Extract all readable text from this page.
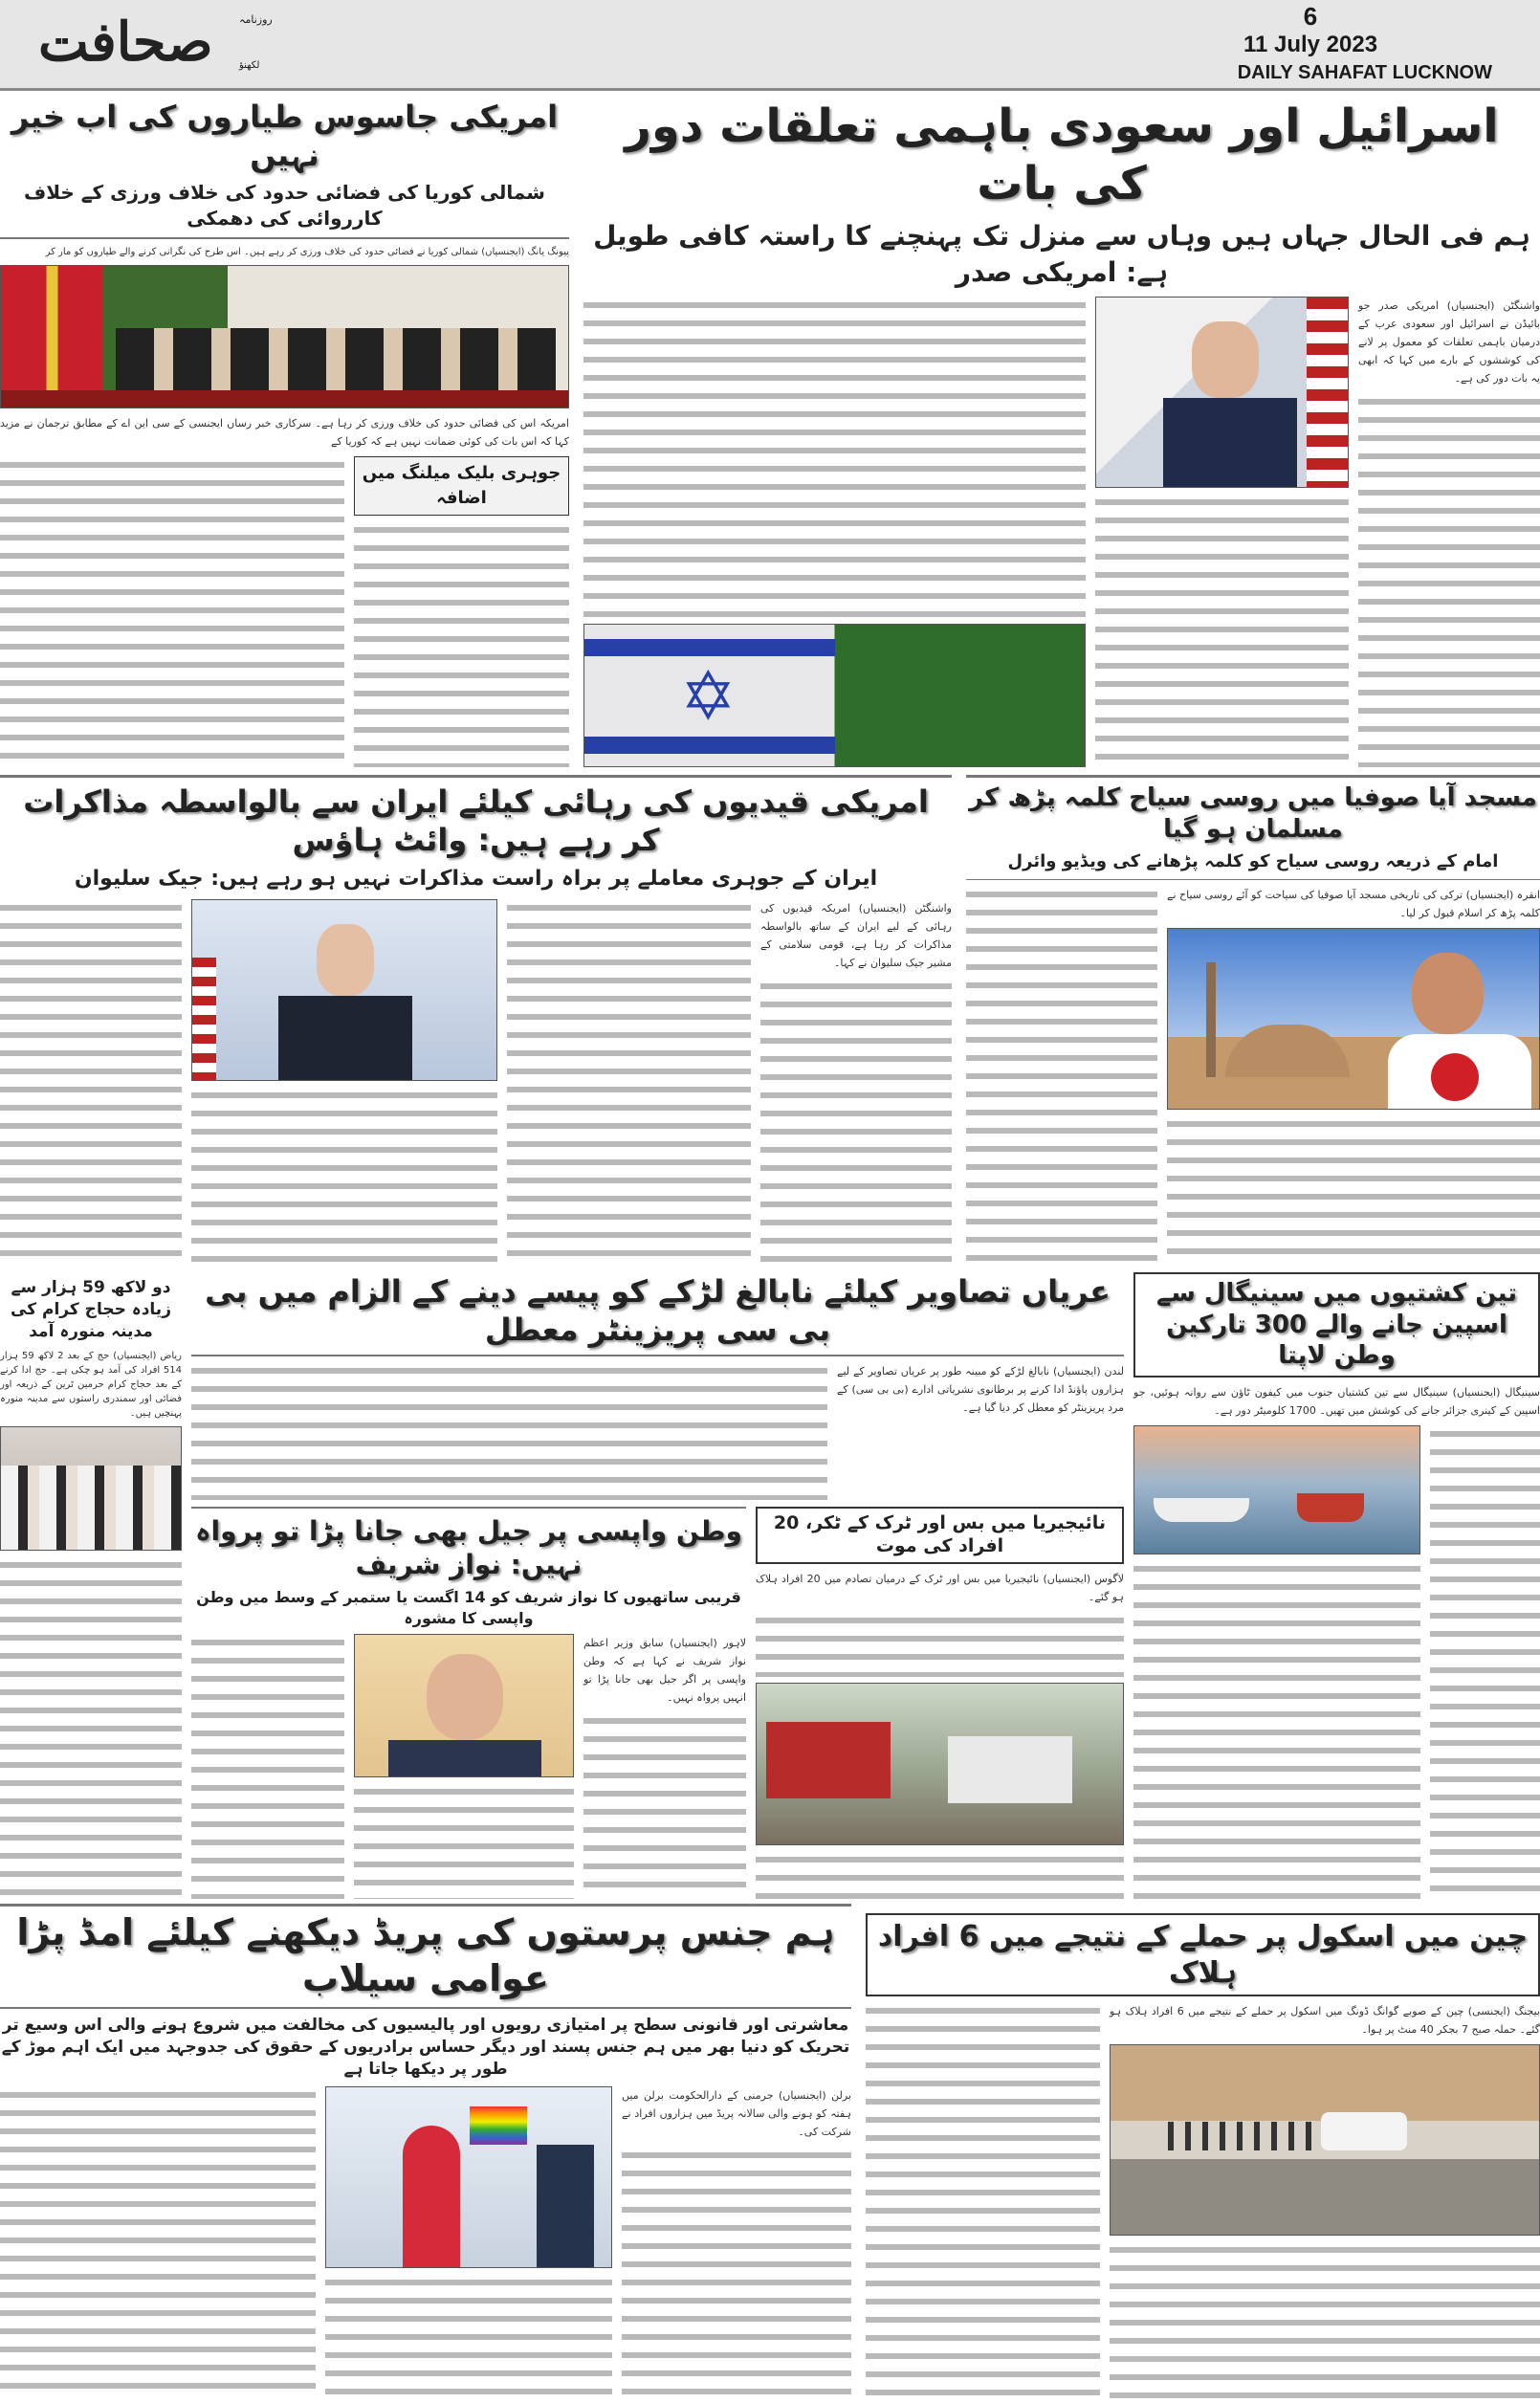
صحافت روزنامہ
لکھنؤ
6
11 July 2023
DAILY SAHAFAT LUCKNOW
امریکی جاسوس طیاروں کی اب خیر نہیں
شمالی کوریا کی فضائی حدود کی خلاف ورزی کے خلاف کارروائی کی دھمکی
پیونگ یانگ (ایجنسیاں) شمالی کوریا نے فضائی حدود کی خلاف ورزی کر رہے ہیں۔ اس طرح کی نگرانی کرنے والے طیاروں کو مار کر
امریکہ اس کی فضائی حدود کی خلاف ورزی کر رہا ہے۔ سرکاری خبر رساں ایجنسی کے سی این اے کے مطابق ترجمان نے مزید کہا کہ اس بات کی کوئی ضمانت نہیں ہے کہ کوریا کے
جوہری بلیک میلنگ میں اضافہ
اسرائیل اور سعودی باہمی تعلقات دور کی بات
ہم فی الحال جہاں ہیں وہاں سے منزل تک پہنچنے کا راستہ کافی طویل ہے: امریکی صدر
واشنگٹن (ایجنسیاں) امریکی صدر جو بائیڈن نے اسرائیل اور سعودی عرب کے درمیان باہمی تعلقات کو معمول پر لانے کی کوششوں کے بارے میں کہا کہ ابھی یہ بات دور کی ہے۔
✡
امریکی قیدیوں کی رہائی کیلئے ایران سے بالواسطہ مذاکرات کر رہے ہیں: وائٹ ہاؤس
ایران کے جوہری معاملے پر براہ راست مذاکرات نہیں ہو رہے ہیں: جیک سلیوان
واشنگٹن (ایجنسیاں) امریکہ قیدیوں کی رہائی کے لیے ایران کے ساتھ بالواسطہ مذاکرات کر رہا ہے، قومی سلامتی کے مشیر جیک سلیوان نے کہا۔
مسجد آیا صوفیا میں روسی سیاح کلمہ پڑھ کر مسلمان ہو گیا
امام کے ذریعہ روسی سیاح کو کلمہ پڑھانے کی ویڈیو وائرل
انقرہ (ایجنسیاں) ترکی کی تاریخی مسجد آیا صوفیا کی سیاحت کو آئے روسی سیاح نے کلمہ پڑھ کر اسلام قبول کر لیا۔
دو لاکھ 59 ہزار سے زیادہ حجاج کرام کی مدینہ منورہ آمد
ریاض (ایجنسیاں) حج کے بعد 2 لاکھ 59 ہزار 514 افراد کی آمد ہو چکی ہے۔ حج ادا کرنے کے بعد حجاج کرام حرمین ٹرین کے ذریعہ اور فضائی اور سمندری راستوں سے مدینہ منورہ پہنچیں ہیں۔
عریاں تصاویر کیلئے نابالغ لڑکے کو پیسے دینے کے الزام میں بی بی سی پریزینٹر معطل
لندن (ایجنسیاں) نابالغ لڑکے کو مبینہ طور پر عریاں تصاویر کے لیے ہزاروں پاؤنڈ ادا کرنے پر برطانوی نشریاتی ادارے (بی بی سی) کے مرد پریزینٹر کو معطل کر دیا گیا ہے۔
تین کشتیوں میں سینیگال سے اسپین جانے والے 300 تارکین وطن لاپتا
سینیگال (ایجنسیاں) سینیگال سے تین کشتیاں جنوب میں کیفون ٹاؤن سے روانہ ہوئیں، جو اسپین کے کینری جزائر جانے کی کوشش میں تھیں۔ 1700 کلومیٹر دور ہے۔
وطن واپسی پر جیل بھی جانا پڑا تو پرواہ نہیں: نواز شریف
قریبی ساتھیوں کا نواز شریف کو 14 اگست یا ستمبر کے وسط میں وطن واپسی کا مشورہ
لاہور (ایجنسیاں) سابق وزیر اعظم نواز شریف نے کہا ہے کہ وطن واپسی پر اگر جیل بھی جانا پڑا تو انہیں پرواہ نہیں۔
نائیجیریا میں بس اور ٹرک کے ٹکر، 20 افراد کی موت
لاگوس (ایجنسیاں) نائیجیریا میں بس اور ٹرک کے درمیان تصادم میں 20 افراد ہلاک ہو گئے۔
ہم جنس پرستوں کی پریڈ دیکھنے کیلئے امڈ پڑا عوامی سیلاب
معاشرتی اور قانونی سطح پر امتیازی رویوں اور پالیسیوں کی مخالفت میں شروع ہونے والی اس وسیع تر تحریک کو دنیا بھر میں ہم جنس پسند اور دیگر حساس برادریوں کے حقوق کی جدوجہد میں ایک اہم موڑ کے طور پر دیکھا جاتا ہے
برلن (ایجنسیاں) جرمنی کے دارالحکومت برلن میں ہفتہ کو ہونے والی سالانہ پریڈ میں ہزاروں افراد نے شرکت کی۔
چین میں اسکول پر حملے کے نتیجے میں 6 افراد ہلاک
بیجنگ (ایجنسی) چین کے صوبے گوانگ ڈونگ میں اسکول پر حملے کے نتیجے میں 6 افراد ہلاک ہو گئے۔ حملہ صبح 7 بجکر 40 منٹ پر ہوا۔
